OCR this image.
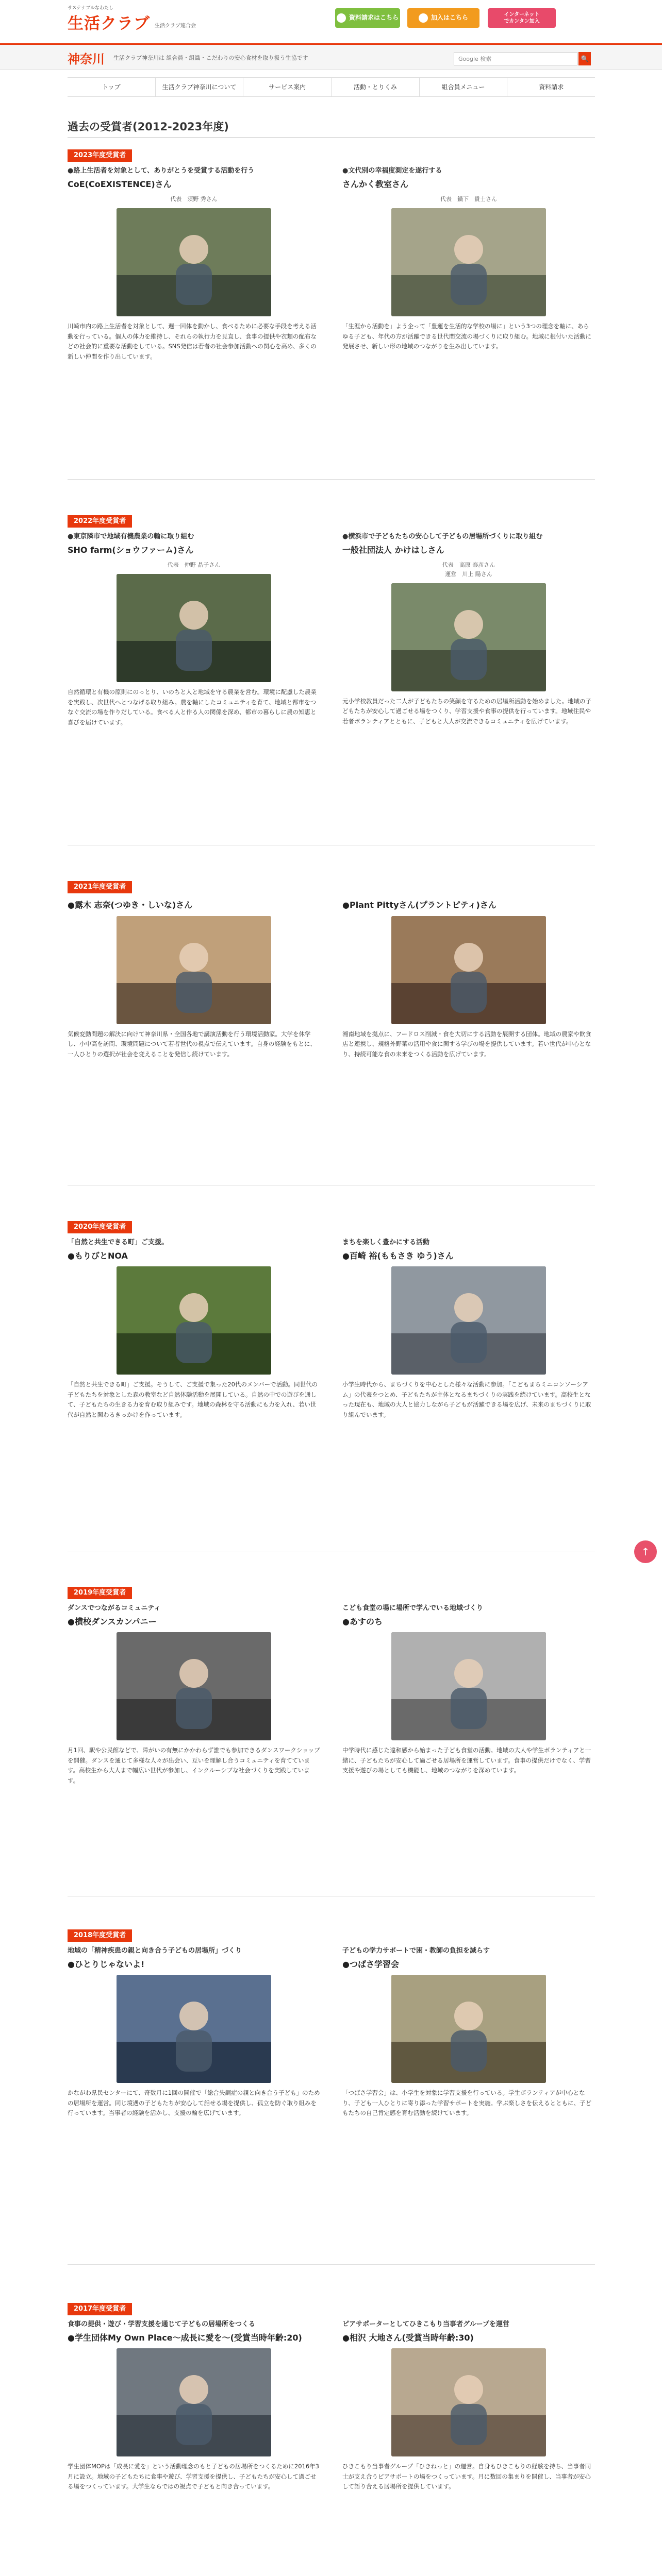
サステナブルなわたし
生活クラブ 生活クラブ連合会
資料請求はこちら	加入はこちら	インターネット
でカンタン加入
神奈川 生活クラブ神奈川は 組合員・組織・こだわりの安心食材を取り扱う生協です	Google 検索	🔍
トップ	生活クラブ神奈川について	サービス案内	活動・とりくみ	組合員メニュー	資料請求
過去の受賞者(2012-2023年度)
2023年度受賞者
●路上生活者を対象として、ありがとうを受賞する活動を行う
CoE(CoEXISTENCE)さん
代表　須野 秀さん
川崎市内の路上生活者を対象として、週一回体を動かし、食べるために必要な手段を考える活動を行っている。個人の体力を維持し、それらの執行力を見直し、食事の提供や衣類の配布などの社会的に重要な活動をしている。SNS発信は若者の社会参加活動への関心を高め、多くの新しい仲間を作り出しています。
●文代別の幸福度測定を遂行する
さんかく教室さん
代表　鍋下　貴士さん
「生涯から活動を」よう企って「豊運を生活的な学校の場に」という3つの理念を軸に、あらゆる子ども、年代の方が活躍できる世代間交流の場づくりに取り組む。地域に根付いた活動に発展させ、新しい形の地域のつながりを生み出しています。
2022年度受賞者
●東京隣市で地域有機農業の輪に取り組む
SHO farm(ショウファーム)さん
代表　仲野 晶子さん
自然循環と有機の原則にのっとり、いのちと人と地域を守る農業を営む。環境に配慮した農業を実践し、次世代へとつなげる取り組み。農を軸にしたコミュニティを育て、地域と都市をつなぐ交流の場を作りだしている。食べる人と作る人の関係を深め、都市の暮らしに農の知恵と喜びを届けています。
●横浜市で子どもたちの安心して子どもの居場所づくりに取り組む
一般社団法人 かけはしさん
代表　高原 泰彦さん
運営　川上 陽さん
元小学校教員だった二人が子どもたちの笑顔を守るための居場所活動を始めました。地域の子どもたちが安心して過ごせる場をつくり、学習支援や食事の提供を行っています。地域住民や若者ボランティアとともに、子どもと大人が交流できるコミュニティを広げています。
2021年度受賞者
●露木 志奈(つゆき・しいな)さん
気候変動問題の解決に向けて神奈川県・全国各地で講演活動を行う環境活動家。大学を休学し、小中高を訪問、環境問題について若者世代の視点で伝えています。自身の経験をもとに、一人ひとりの選択が社会を変えることを発信し続けています。
●Plant Pittyさん(プラントピティ)さん
湘南地域を拠点に、フードロス削減・食を大切にする活動を展開する団体。地域の農家や飲食店と連携し、規格外野菜の活用や食に関する学びの場を提供しています。若い世代が中心となり、持続可能な食の未来をつくる活動を広げています。
2020年度受賞者
「自然と共生できる町」ご支援。
●もりびとNOA
「自然と共生できる町」ご支援。そうして、ご支援で集った20代のメンバーで活動。同世代の子どもたちを対象とした森の教室など自然体験活動を展開している。自然の中での遊びを通して、子どもたちの生きる力を育む取り組みです。地域の森林を守る活動にも力を入れ、若い世代が自然と関わるきっかけを作っています。
まちを楽しく豊かにする活動
●百崎 裕(ももさき ゆう)さん
小学生時代から、まちづくりを中心とした様々な活動に参加。「こどもまちミニコンソーシアム」の代表をつとめ、子どもたちが主体となるまちづくりの実践を続けています。高校生となった現在も、地域の大人と協力しながら子どもが活躍できる場を広げ、未来のまちづくりに取り組んでいます。
2019年度受賞者
ダンスでつながるコミュニティ
●横校ダンスカンパニー
月1回、駅や公民館などで、障がいの有無にかかわらず誰でも参加できるダンスワークショップを開催。ダンスを通じて多様な人々が出会い、互いを理解し合うコミュニティを育てています。高校生から大人まで幅広い世代が参加し、インクルーシブな社会づくりを実践しています。
こども食堂の場に場所で学んでいる地域づくり
●あすのち
中学時代に感じた違和感から始まった子ども食堂の活動。地域の大人や学生ボランティアと一緒に、子どもたちが安心して過ごせる居場所を運営しています。食事の提供だけでなく、学習支援や遊びの場としても機能し、地域のつながりを深めています。
2018年度受賞者
地域の「精神疾患の親と向き合う子どもの居場所」づくり
●ひとりじゃないよ!
かながわ県民センターにて、奇数月に1回の開催で「総合失調症の親と向き合う子ども」のための居場所を運営。同じ境遇の子どもたちが安心して話せる場を提供し、孤立を防ぐ取り組みを行っています。当事者の経験を活かし、支援の輪を広げています。
子どもの学力サポートで困・教師の負担を減らす
●つばさ学習会
「つばさ学習会」は、小学生を対象に学習支援を行っている。学生ボランティアが中心となり、子ども一人ひとりに寄り添った学習サポートを実施。学ぶ楽しさを伝えるとともに、子どもたちの自己肯定感を育む活動を続けています。
2017年度受賞者
食事の提供・遊び・学習支援を通じて子どもの居場所をつくる
●学生団体My Own Place〜成長に愛を〜(受賞当時年齢:20)
学生団体MOPは「成長に愛を」という活動理念のもと子どもの居場所をつくるために2016年3月に設立。地域の子どもたちに食事や遊び、学習支援を提供し、子どもたちが安心して過ごせる場をつくっています。大学生ならではの視点で子どもと向き合っています。
ピアサポーターとしてひきこもり当事者グループを運営
●相沢 大地さん(受賞当時年齢:30)
ひきこもり当事者グループ「ひきねっと」の運営。自身もひきこもりの経験を持ち、当事者同士が支え合うピアサポートの場をつくっています。月に数回の集まりを開催し、当事者が安心して語り合える居場所を提供しています。
↑
